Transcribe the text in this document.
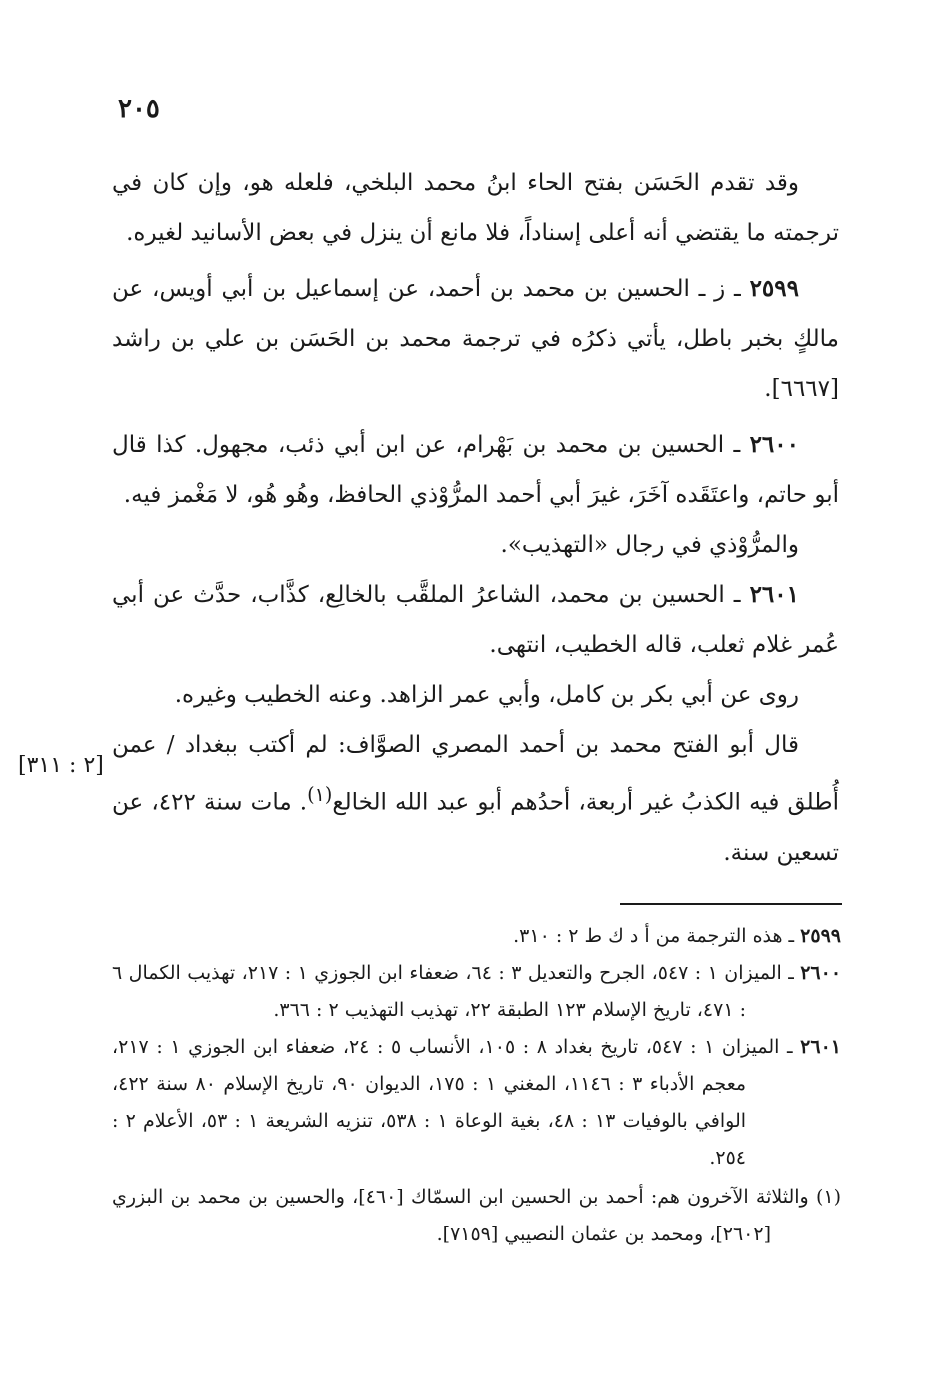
٢٠٥

وقد تقدم الحَسَن بفتح الحاء ابنُ محمد البلخي، فلعله هو، وإن كان في ترجمته ما يقتضي أنه أعلى إسناداً، فلا مانع أن ينزل في بعض الأسانيد لغيره.

٢٥٩٩ ـ ز ـ الحسين بن محمد بن أحمد، عن إسماعيل بن أبي أويس، عن مالكٍ بخبر باطل، يأتي ذكرُه في ترجمة محمد بن الحَسَن بن علي بن راشد [٦٦٦٧].

٢٦٠٠ ـ الحسين بن محمد بن بَهْرام، عن ابن أبي ذئب، مجهول. كذا قال أبو حاتم، واعتَقَده آخَرَ، غيرَ أبي أحمد المرُّوْذي الحافظ، وهُو هُو، لا مَغْمز فيه.

والمرُّوْذي في رجال «التهذيب».

٢٦٠١ ـ الحسين بن محمد، الشاعرُ الملقَّب بالخالِع، كذَّاب، حدَّث عن أبي عُمر غلام ثعلب، قاله الخطيب، انتهى.

روى عن أبي بكر بن كامل، وأبي عمر الزاهد. وعنه الخطيب وغيره.

قال أبو الفتح محمد بن أحمد المصري الصوَّاف: لم أكتب ببغداد / عمن أُطلق فيه الكذبُ غير أربعة، أحدُهم أبو عبد الله الخالع$^{(١)}$. مات سنة ٤٢٢، عن تسعين سنة.

[٢ : ٣١١]

٢٥٩٩ ـ هذه الترجمة من أ د ك ط ٢ : ٣١٠.

٢٦٠٠ ـ الميزان ١ : ٥٤٧، الجرح والتعديل ٣ : ٦٤، ضعفاء ابن الجوزي ١ : ٢١٧، تهذيب الكمال ٦ : ٤٧١، تاريخ الإسلام ١٢٣ الطبقة ٢٢، تهذيب التهذيب ٢ : ٣٦٦.

٢٦٠١ ـ الميزان ١ : ٥٤٧، تاريخ بغداد ٨ : ١٠٥، الأنساب ٥ : ٢٤، ضعفاء ابن الجوزي ١ : ٢١٧، معجم الأدباء ٣ : ١١٤٦، المغني ١ : ١٧٥، الديوان ٩٠، تاريخ الإسلام ٨٠ سنة ٤٢٢، الوافي بالوفيات ١٣ : ٤٨، بغية الوعاة ١ : ٥٣٨، تنزيه الشريعة ١ : ٥٣، الأعلام ٢ : ٢٥٤.

(١) والثلاثة الآخرون هم: أحمد بن الحسين ابن السمّاك [٤٦٠]، والحسين بن محمد بن البزري [٢٦٠٢]، ومحمد بن عثمان النصيبي [٧١٥٩].
